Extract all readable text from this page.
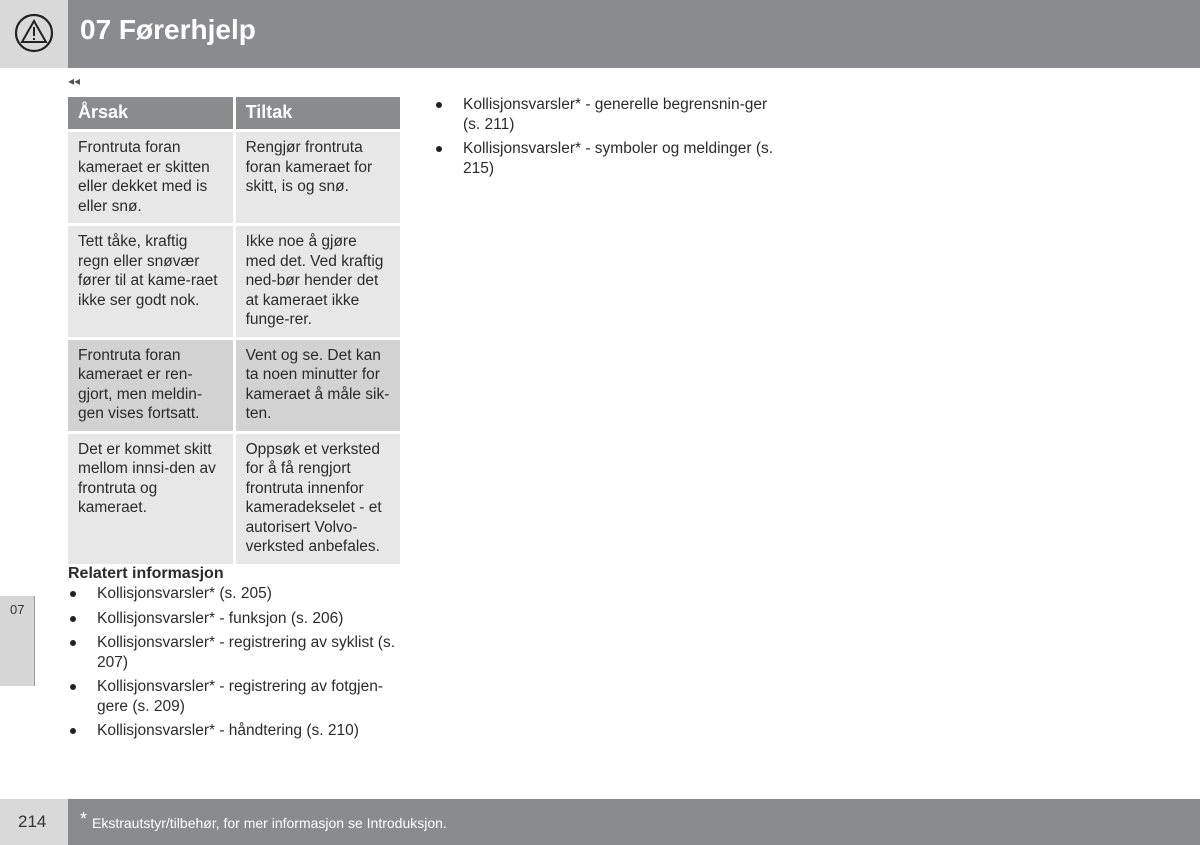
07 Førerhjelp
◂◂
Årsak	Tiltak
Frontruta foran kameraet er skitten eller dekket med is eller snø.	Rengjør frontruta foran kameraet for skitt, is og snø.
Tett tåke, kraftig regn eller snøvær fører til at kame-raet ikke ser godt nok.	Ikke noe å gjøre med det. Ved kraftig ned-bør hender det at kameraet ikke funge-rer.
Frontruta foran kameraet er ren-gjort, men meldin-gen vises fortsatt.	Vent og se. Det kan ta noen minutter for kameraet å måle sik-ten.
Det er kommet skitt mellom innsi-den av frontruta og kameraet.	Oppsøk et verksted for å få rengjort frontruta innenfor kameradekselet - et autorisert Volvo-verksted anbefales.
Relatert informasjon
Kollisjonsvarsler* (s. 205)
Kollisjonsvarsler* - funksjon (s. 206)
Kollisjonsvarsler* - registrering av syklist (s. 207)
Kollisjonsvarsler* - registrering av fotgjen-gere (s. 209)
Kollisjonsvarsler* - håndtering (s. 210)
Kollisjonsvarsler* - generelle begrensnin-ger (s. 211)
Kollisjonsvarsler* - symboler og meldinger (s. 215)
07
214 * Ekstrautstyr/tilbehør, for mer informasjon se Introduksjon.
